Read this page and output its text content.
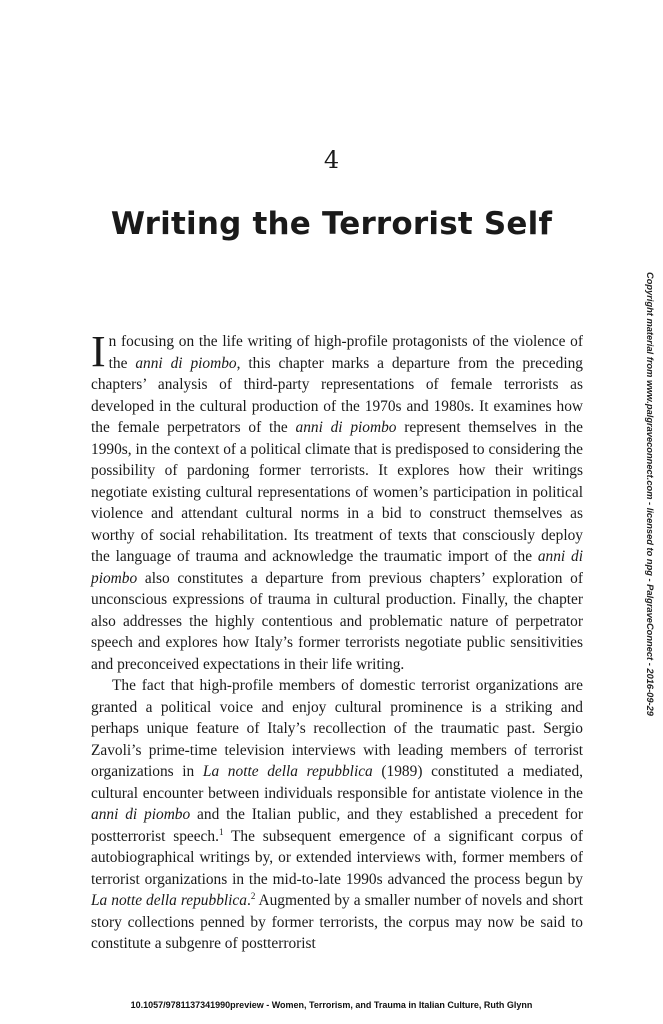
4
Writing the Terrorist Self
Copyright material from www.palgraveconnect.com - licensed to npg - PalgraveConnect - 2016-09-29

In focusing on the life writing of high-profile protagonists of the violence of the anni di piombo, this chapter marks a departure from the preceding chapters’ analysis of third-party representations of female terrorists as developed in the cultural production of the 1970s and 1980s. It examines how the female perpetrators of the anni di piombo represent themselves in the 1990s, in the context of a political climate that is predisposed to considering the possibility of pardoning former terrorists. It explores how their writings negotiate existing cultural representations of women’s participation in political violence and attendant cultural norms in a bid to construct themselves as worthy of social rehabilitation. Its treatment of texts that consciously deploy the language of trauma and acknowledge the traumatic import of the anni di piombo also constitutes a departure from previous chapters’ exploration of unconscious expressions of trauma in cultural production. Finally, the chapter also addresses the highly contentious and problematic nature of perpetrator speech and explores how Italy’s former terrorists negotiate public sensitivities and preconceived expectations in their life writing.

The fact that high-profile members of domestic terrorist organizations are granted a political voice and enjoy cultural prominence is a striking and perhaps unique feature of Italy’s recollection of the traumatic past. Sergio Zavoli’s prime-time television interviews with leading members of terrorist organizations in La notte della repubblica (1989) constituted a mediated, cultural encounter between individuals responsible for antistate violence in the anni di piombo and the Italian public, and they established a precedent for postterrorist speech.$^1$ The subsequent emergence of a significant corpus of autobiographical writings by, or extended interviews with, former members of terrorist organizations in the mid-to-late 1990s advanced the process begun by La notte della repubblica.$^2$ Augmented by a smaller number of novels and short story collections penned by former terrorists, the corpus may now be said to constitute a subgenre of postterrorist

10.1057/9781137341990preview - Women, Terrorism, and Trauma in Italian Culture, Ruth Glynn
